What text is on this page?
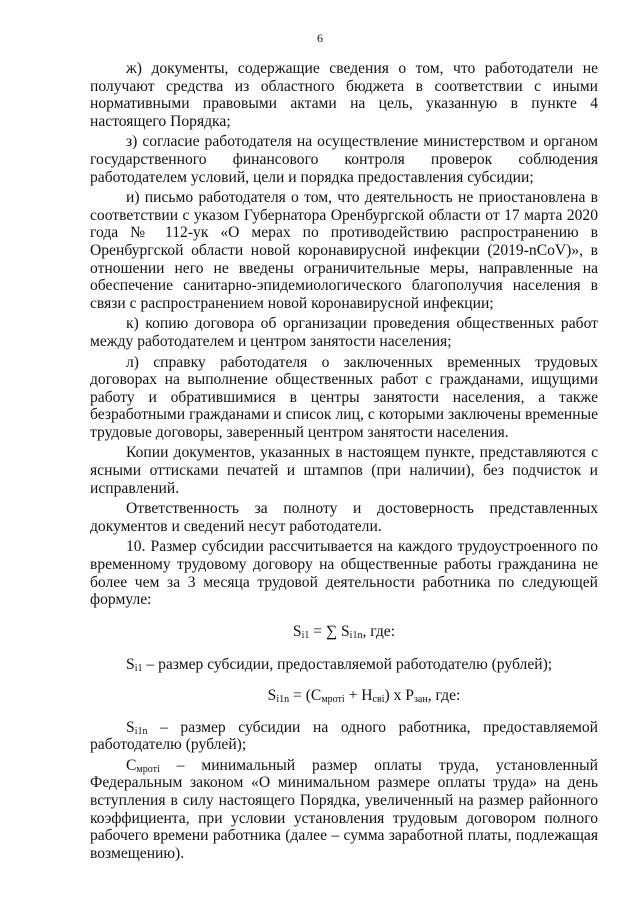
6

ж) документы, содержащие сведения о том, что работодатели не получают средства из областного бюджета в соответствии с иными нормативными правовыми актами на цель, указанную в пункте 4 настоящего Порядка;

з) согласие работодателя на осуществление министерством и органом государственного финансового контроля проверок соблюдения работодателем условий, цели и порядка предоставления субсидии;

и) письмо работодателя о том, что деятельность не приостановлена в соответствии с указом Губернатора Оренбургской области от 17 марта 2020 года № 112-ук «О мерах по противодействию распространению в Оренбургской области новой коронавирусной инфекции (2019-nCoV)», в отношении него не введены ограничительные меры, направленные на обеспечение санитарно-эпидемиологического благополучия населения в связи с распространением новой коронавирусной инфекции;

к) копию договора об организации проведения общественных работ между работодателем и центром занятости населения;

л) справку работодателя о заключенных временных трудовых договорах на выполнение общественных работ с гражданами, ищущими работу и обратившимися в центры занятости населения, а также безработными гражданами и список лиц, с которыми заключены временные трудовые договоры, заверенный центром занятости населения.

Копии документов, указанных в настоящем пункте, представляются с ясными оттисками печатей и штампов (при наличии), без подчисток и исправлений.

Ответственность за полноту и достоверность представленных документов и сведений несут работодатели.

10. Размер субсидии рассчитывается на каждого трудоустроенного по временному трудовому договору на общественные работы гражданина не более чем за 3 месяца трудовой деятельности работника по следующей формуле:

$S_{i1}$ = ∑ $S_{i1n}$, где:

$S_{i1}$ – размер субсидии, предоставляемой работодателю (рублей);

$S_{i1n} = (С_{мротi} + Н_{свi})$ х $Р_{зан}$, где:

$S_{i1n}$ – размер субсидии на одного работника, предоставляемой работодателю (рублей);

$С_{мротi}$ – минимальный размер оплаты труда, установленный Федеральным законом «О минимальном размере оплаты труда» на день вступления в силу настоящего Порядка, увеличенный на размер районного коэффициента, при условии установления трудовым договором полного рабочего времени работника (далее – сумма заработной платы, подлежащая возмещению).
